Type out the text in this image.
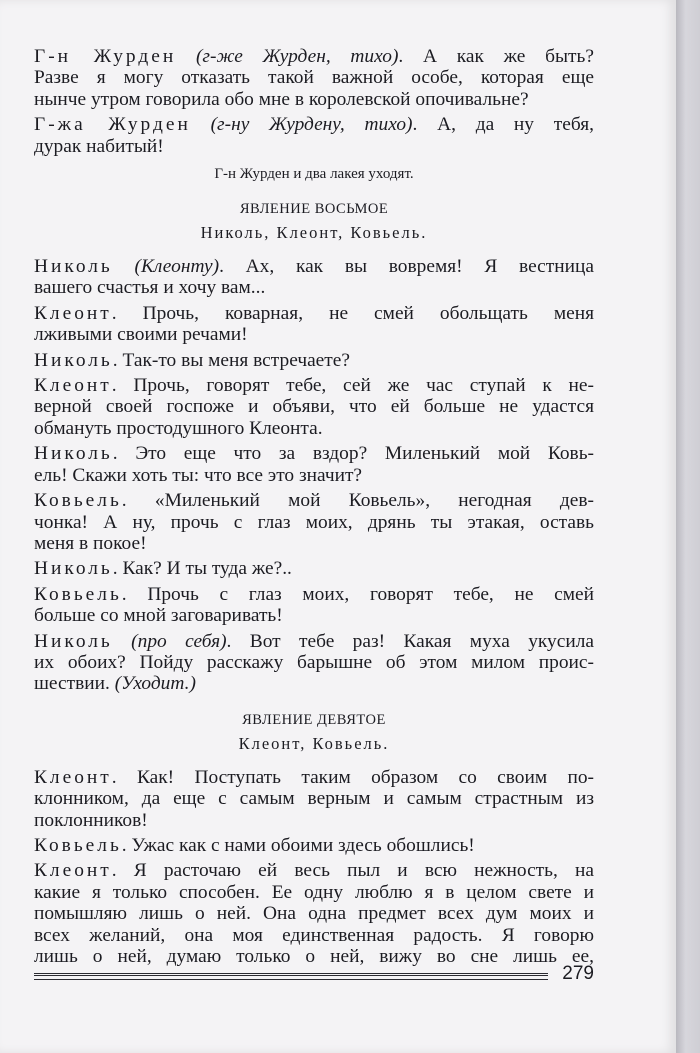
Г-н Журден (г-же Журден, тихо). А как же быть?
Разве я могу отказать такой важной особе, которая еще
нынче утром говорила обо мне в королевской опочивальне?
Г-жа Журден (г-ну Журдену, тихо). А, да ну тебя,
дурак набитый!
Г-н Журден и два лакея уходят.
ЯВЛЕНИЕ ВОСЬМОЕ
Николь, Клеонт, Ковьель.
Николь (Клеонту). Ах, как вы вовремя! Я вестница
вашего счастья и хочу вам...
Клеонт. Прочь, коварная, не смей обольщать меня
лживыми своими речами!
Николь. Так-то вы меня встречаете?
Клеонт. Прочь, говорят тебе, сей же час ступай к не-
верной своей госпоже и объяви, что ей больше не удастся
обмануть простодушного Клеонта.
Николь. Это еще что за вздор? Миленький мой Ковь-
ель! Скажи хоть ты: что все это значит?
Ковьель. «Миленький мой Ковьель», негодная дев-
чонка! А ну, прочь с глаз моих, дрянь ты этакая, оставь
меня в покое!
Николь. Как? И ты туда же?..
Ковьель. Прочь с глаз моих, говорят тебе, не смей
больше со мной заговаривать!
Николь (про себя). Вот тебе раз! Какая муха укусила
их обоих? Пойду расскажу барышне об этом милом проис-
шествии. (Уходит.)
ЯВЛЕНИЕ ДЕВЯТОЕ
Клеонт, Ковьель.
Клеонт. Как! Поступать таким образом со своим по-
клонником, да еще с самым верным и самым страстным из
поклонников!
Ковьель. Ужас как с нами обоими здесь обошлись!
Клеонт. Я расточаю ей весь пыл и всю нежность, на
какие я только способен. Ее одну люблю я в целом свете и
помышляю лишь о ней. Она одна предмет всех дум моих и
всех желаний, она моя единственная радость. Я говорю
лишь о ней, думаю только о ней, вижу во сне лишь ее,
279
